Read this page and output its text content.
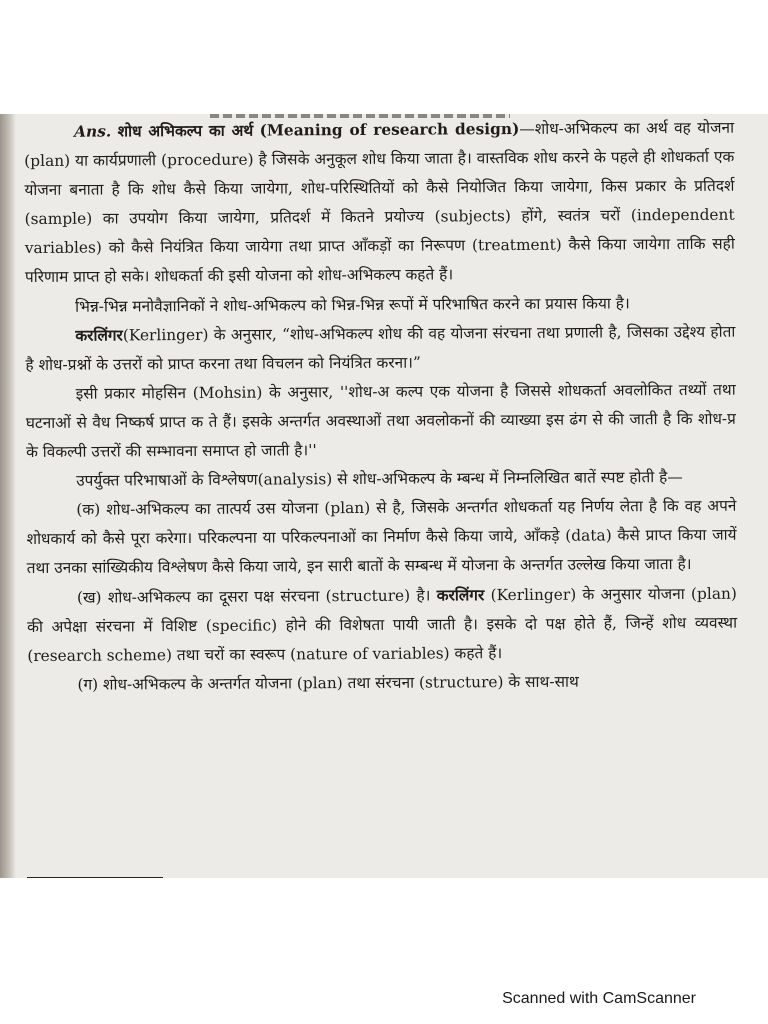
Ans. शोध अभिकल्प का अर्थ (Meaning of research design)—शोध-अभिकल्प का अर्थ वह योजना (plan) या कार्यप्रणाली (procedure) है जिसके अनुकूल शोध किया जाता है। वास्तविक शोध करने के पहले ही शोधकर्ता एक योजना बनाता है कि शोध कैसे किया जायेगा, शोध-परिस्थितियों को कैसे नियोजित किया जायेगा, किस प्रकार के प्रतिदर्श (sample) का उपयोग किया जायेगा, प्रतिदर्श में कितने प्रयोज्य (subjects) होंगे, स्वतंत्र चरों (independent variables) को कैसे नियंत्रित किया जायेगा तथा प्राप्त आँकड़ों का निरूपण (treatment) कैसे किया जायेगा ताकि सही परिणाम प्राप्त हो सके। शोधकर्ता की इसी योजना को शोध-अभिकल्प कहते हैं।

भिन्न-भिन्न मनोवैज्ञानिकों ने शोध-अभिकल्प को भिन्न-भिन्न रूपों में परिभाषित करने का प्रयास किया है।

करलिंगर(Kerlinger) के अनुसार, “शोध-अभिकल्प शोध की वह योजना संरचना तथा प्रणाली है, जिसका उद्देश्य होता है शोध-प्रश्नों के उत्तरों को प्राप्त करना तथा विचलन को नियंत्रित करना।”

इसी प्रकार मोहसिन (Mohsin) के अनुसार, ''शोध-अ कल्प एक योजना है जिससे शोधकर्ता अवलोकित तथ्यों तथा घटनाओं से वैध निष्कर्ष प्राप्त क ते हैं। इसके अन्तर्गत अवस्थाओं तथा अवलोकनों की व्याख्या इस ढंग से की जाती है कि शोध-प्र के विकल्पी उत्तरों की सम्भावना समाप्त हो जाती है।''

उपर्युक्त परिभाषाओं के विश्लेषण(analysis) से शोध-अभिकल्प के म्बन्ध में निम्नलिखित बातें स्पष्ट होती है—

(क) शोध-अभिकल्प का तात्पर्य उस योजना (plan) से है, जिसके अन्तर्गत शोधकर्ता यह निर्णय लेता है कि वह अपने शोधकार्य को कैसे पूरा करेगा। परिकल्पना या परिकल्पनाओं का निर्माण कैसे किया जाये, आँकड़े (data) कैसे प्राप्त किया जायें तथा उनका सांख्यिकीय विश्लेषण कैसे किया जाये, इन सारी बातों के सम्बन्ध में योजना के अन्तर्गत उल्लेख किया जाता है।

(ख) शोध-अभिकल्प का दूसरा पक्ष संरचना (structure) है। करलिंगर (Kerlinger) के अनुसार योजना (plan) की अपेक्षा संरचना में विशिष्ट (specific) होने की विशेषता पायी जाती है। इसके दो पक्ष होते हैं, जिन्हें शोध व्यवस्था (research scheme) तथा चरों का स्वरूप (nature of variables) कहते हैं।

(ग) शोध-अभिकल्प के अन्तर्गत योजना (plan) तथा संरचना (structure) के साथ-साथ

Scanned with CamScanner
